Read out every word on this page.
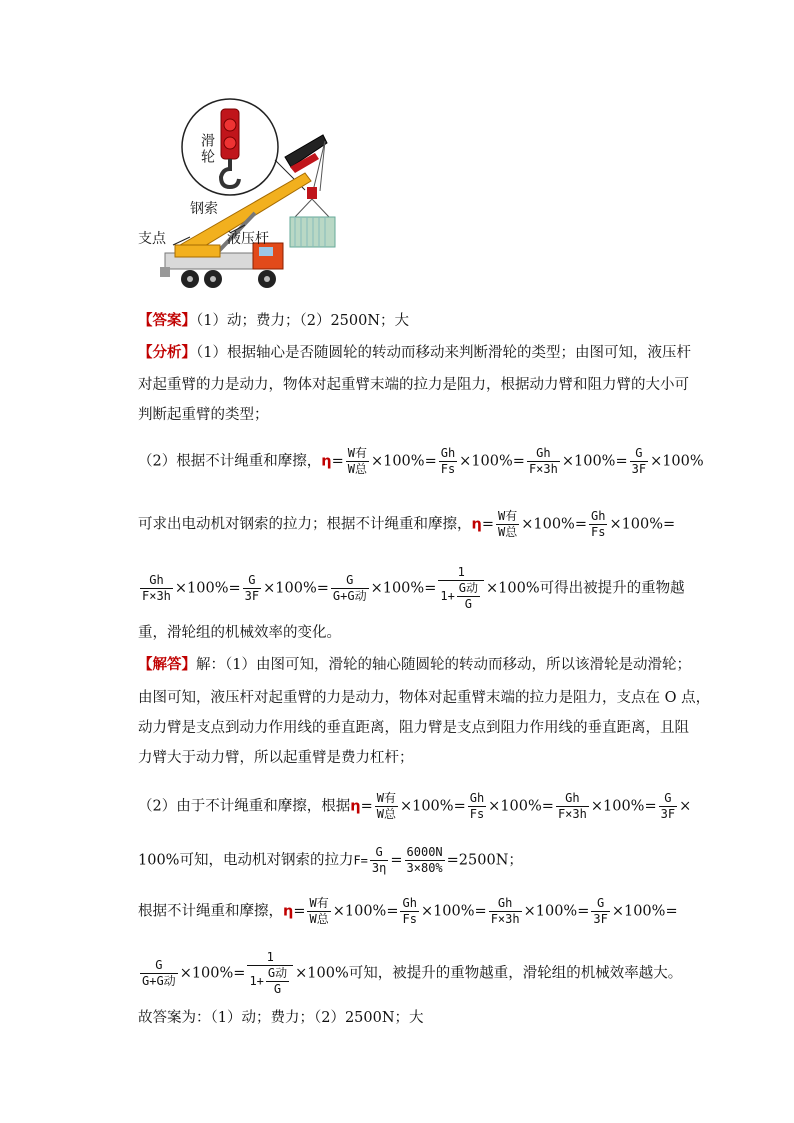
滑轮
钢索
支点	液压杆
【答案】（1）动；费力；（2）2500N；大
【分析】（1）根据轴心是否随圆轮的转动而移动来判断滑轮的类型；由图可知，液压杆
对起重臂的力是动力，物体对起重臂末端的拉力是阻力，根据动力臂和阻力臂的大小可
判断起重臂的类型；
（2）根据不计绳重和摩擦，$\eta= \frac{\text{W有}}{\text{W总}} \times 100\%= \frac{Gh}{Fs} \times 100\%= \frac{Gh}{F\times 3h} \times 100\%= \frac{G}{3F} \times 100\%$
可求出电动机对钢索的拉力；根据不计绳重和摩擦，$\eta= \frac{\text{W有}}{\text{W总}} \times 100\%= \frac{Gh}{Fs} \times 100\%=$
$\frac{Gh}{F\times 3h} \times 100\%= \frac{G}{3F} \times 100\%= \frac{G}{\text{G+G动}} \times 100\%= \frac{1}{1+ \frac{\text{G动}}{G}} \times 100\%$可得出被提升的重物越
重，滑轮组的机械效率的变化。
【解答】解：（1）由图可知，滑轮的轴心随圆轮的转动而移动，所以该滑轮是动滑轮；
由图可知，液压杆对起重臂的力是动力，物体对起重臂末端的拉力是阻力，支点在 O 点，
动力臂是支点到动力作用线的垂直距离，阻力臂是支点到阻力作用线的垂直距离，且阻
力臂大于动力臂，所以起重臂是费力杠杆；
（2）由于不计绳重和摩擦，根据$\eta= \frac{\text{W有}}{\text{W总}} \times 100\%= \frac{Gh}{Fs} \times 100\%= \frac{Gh}{F\times 3h} \times 100\%= \frac{G}{3F}$ ×
100%可知，电动机对钢索的拉力$F= \frac{G}{3\eta} = \frac{6000N}{3\times 80\%} =2500N$；
根据不计绳重和摩擦，$\eta= \frac{\text{W有}}{\text{W总}} \times 100\%= \frac{Gh}{Fs} \times 100\%= \frac{Gh}{F\times 3h} \times 100\%= \frac{G}{3F} \times 100\%=$
$\frac{G}{\text{G+G动}} \times 100\%= \frac{1}{1+ \frac{\text{G动}}{G}} \times 100\%$可知，被提升的重物越重，滑轮组的机械效率越大。
故答案为：（1）动；费力；（2）2500N；大
